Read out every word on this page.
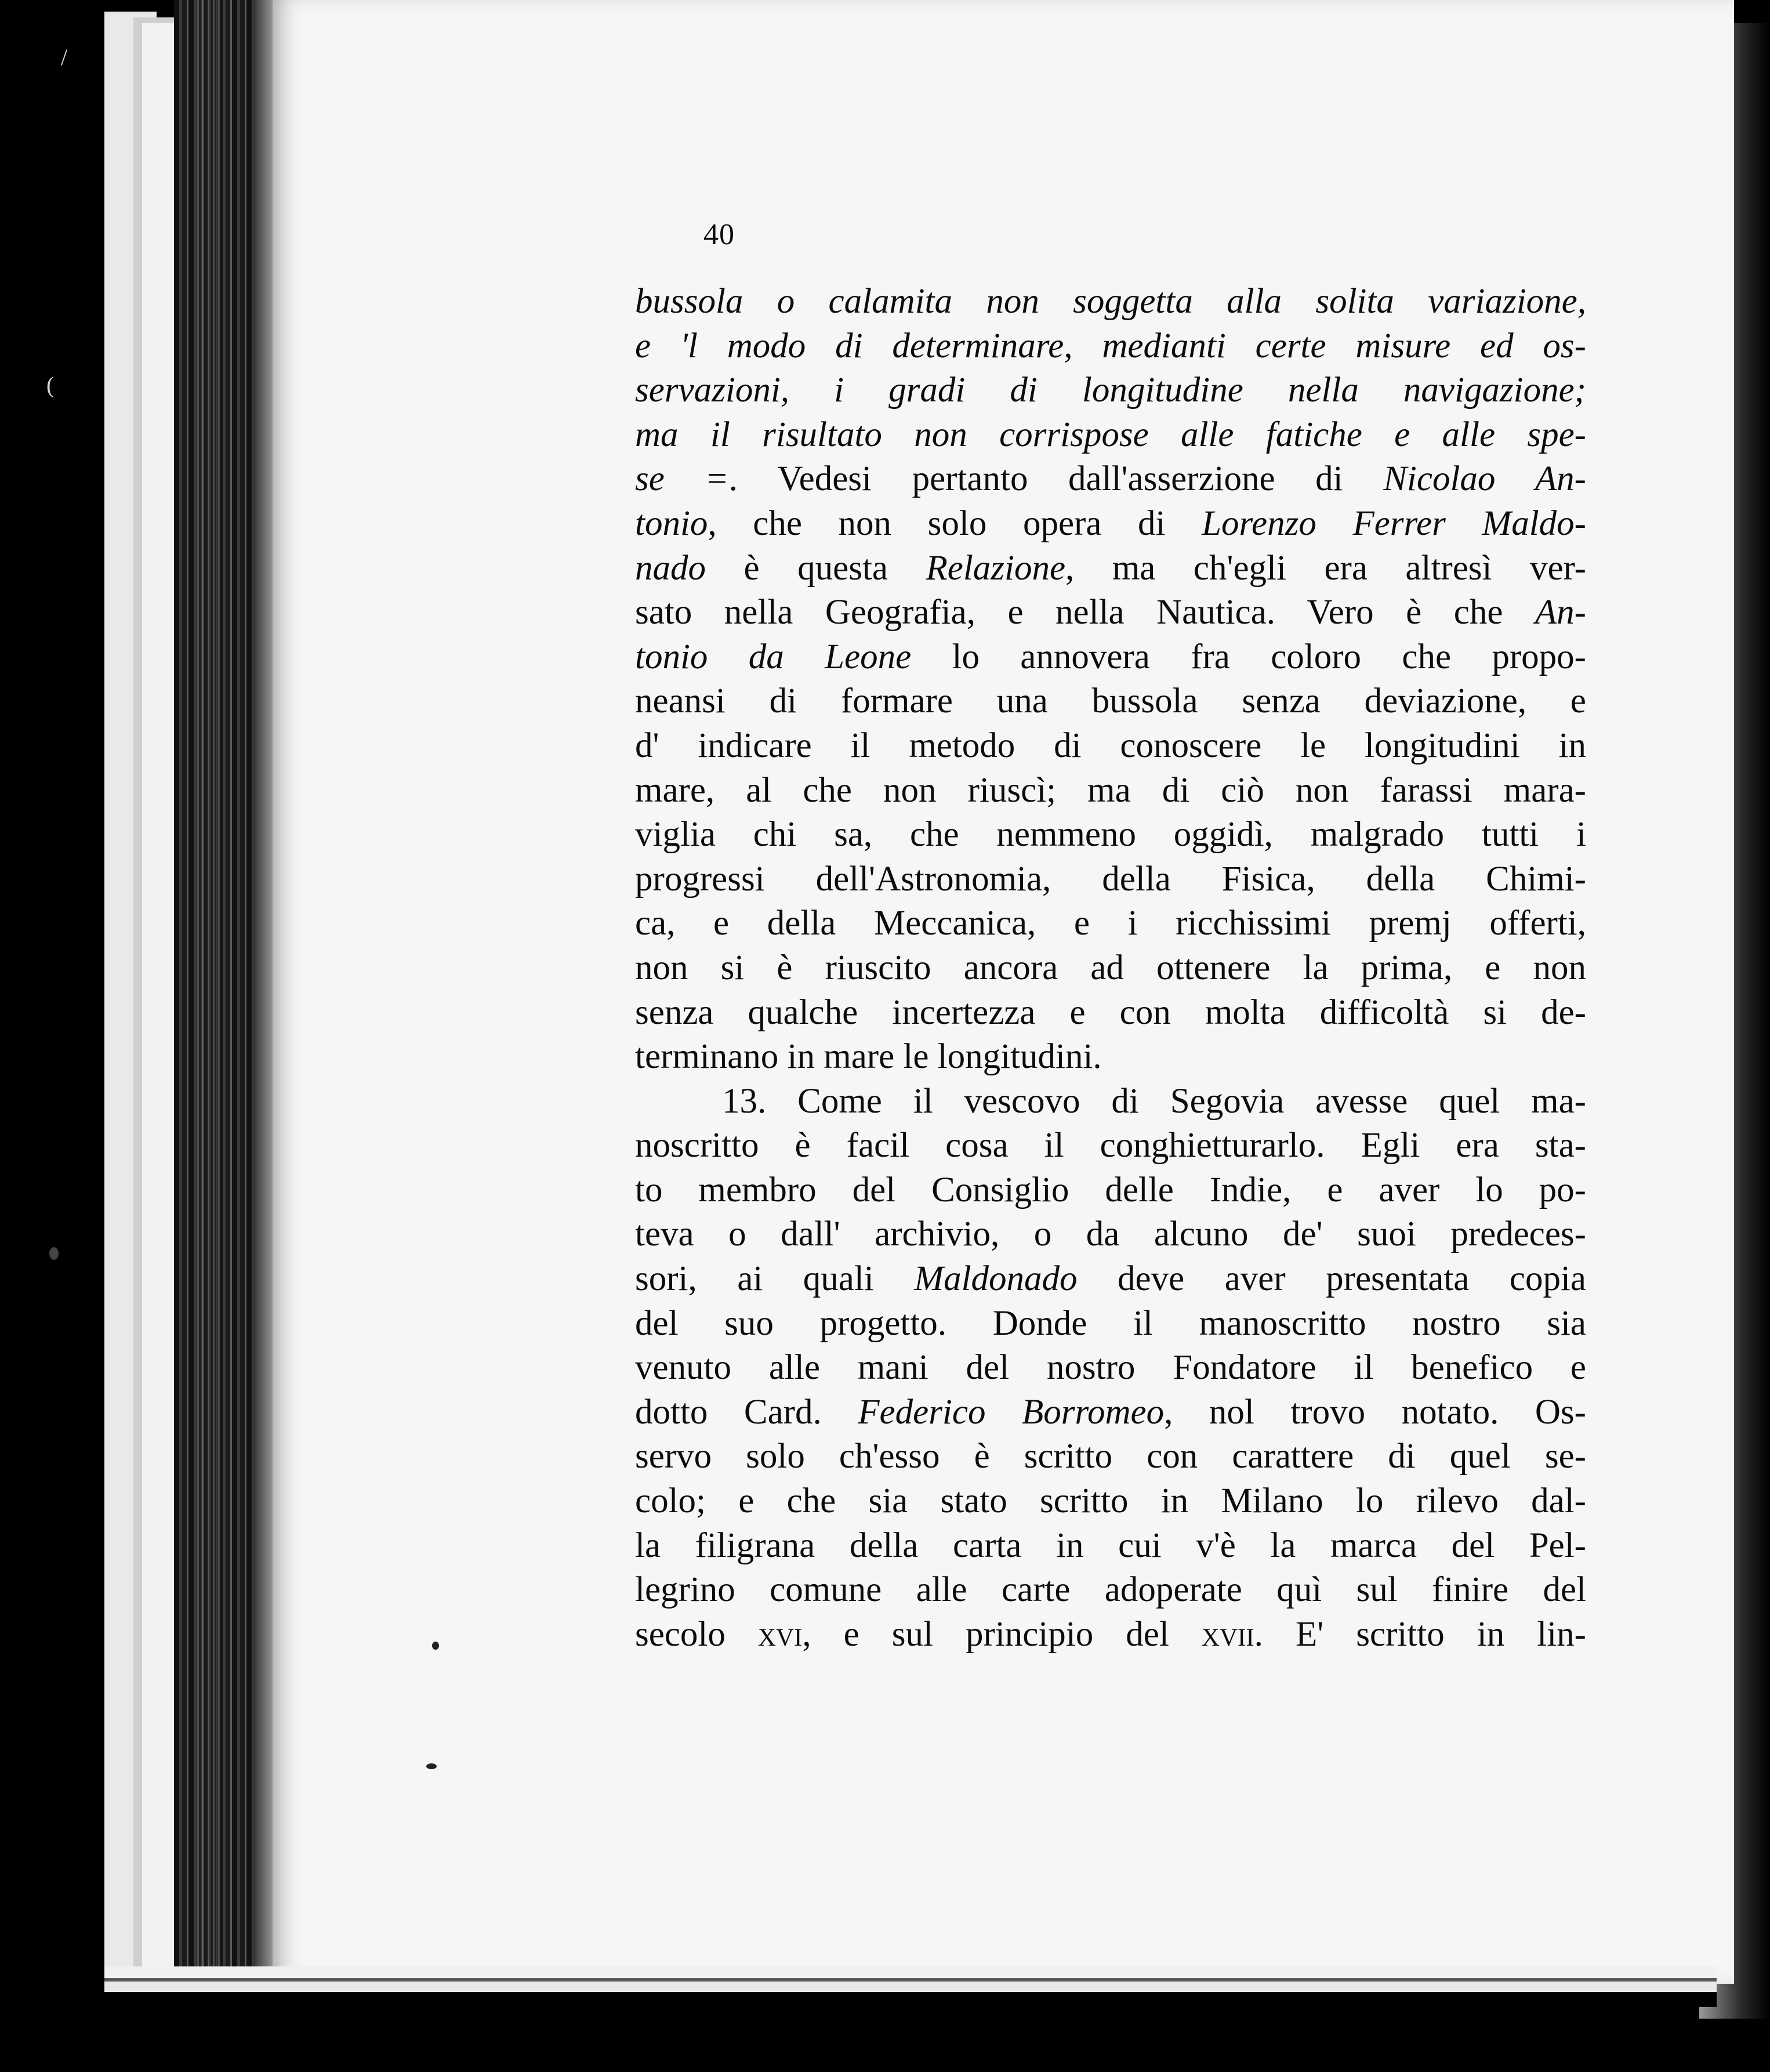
(
/
40
bussola o calamita non soggetta alla solita variazione,
e 'l modo di determinare, medianti certe misure ed os-
servazioni, i gradi di longitudine nella navigazione;
ma il risultato non corrispose alle fatiche e alle spe-
se =. Vedesi pertanto dall'asserzione di Nicolao An-
tonio, che non solo opera di Lorenzo Ferrer Maldo-
nado è questa Relazione, ma ch'egli era altresì ver-
sato nella Geografia, e nella Nautica. Vero è che An-
tonio da Leone lo annovera fra coloro che propo-
neansi di formare una bussola senza deviazione, e
d' indicare il metodo di conoscere le longitudini in
mare, al che non riuscì; ma di ciò non farassi mara-
viglia chi sa, che nemmeno oggidì, malgrado tutti i
progressi dell'Astronomia, della Fisica, della Chimi-
ca, e della Meccanica, e i ricchissimi premj offerti,
non si è riuscito ancora ad ottenere la prima, e non
senza qualche incertezza e con molta difficoltà si de-
terminano in mare le longitudini.
13. Come il vescovo di Segovia avesse quel ma-
noscritto è facil cosa il conghietturarlo. Egli era sta-
to membro del Consiglio delle Indie, e aver lo po-
teva o dall' archivio, o da alcuno de' suoi predeces-
sori, ai quali Maldonado deve aver presentata copia
del suo progetto. Donde il manoscritto nostro sia
venuto alle mani del nostro Fondatore il benefico e
dotto Card. Federico Borromeo, nol trovo notato. Os-
servo solo ch'esso è scritto con carattere di quel se-
colo; e che sia stato scritto in Milano lo rilevo dal-
la filigrana della carta in cui v'è la marca del Pel-
legrino comune alle carte adoperate quì sul finire del
secolo xvi, e sul principio del xvii. E' scritto in lin-
